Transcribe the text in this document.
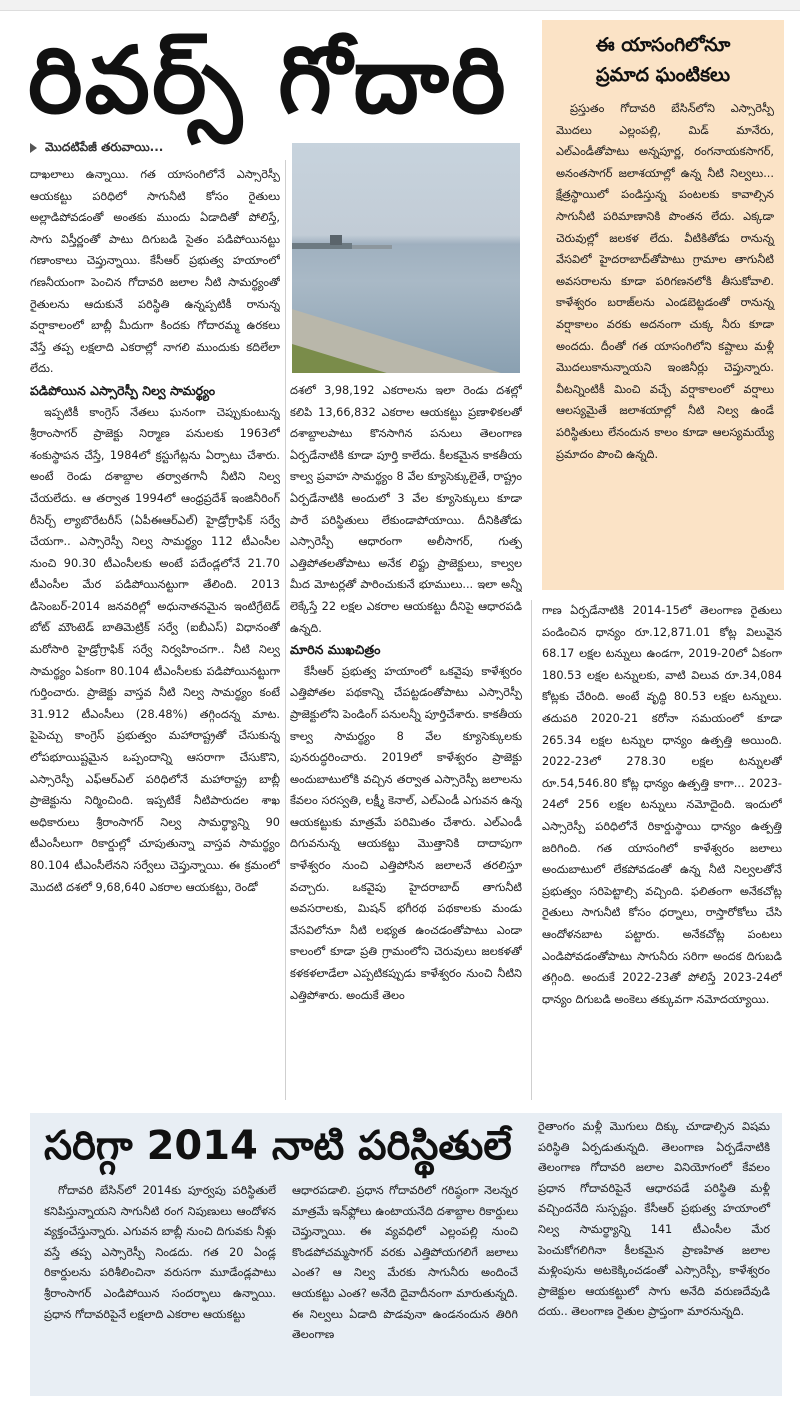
రివర్స్ గోదారి
మొదటిపేజీ తరువాయి...

దాఖలాలు ఉన్నాయి. గత యాసంగిలోనే ఎస్సారెస్పీ ఆయకట్టు పరిధిలో సాగునీటి కోసం రైతులు అల్లాడిపోవడంతో అంతకు ముందు ఏడాదితో పోలిస్తే, సాగు విస్తీర్ణంతో పాటు దిగుబడి సైతం పడిపోయినట్టు గణాంకాలు చెప్తున్నాయి. కేసీఆర్ ప్రభుత్వ హయాంలో గణనీయంగా పెంచిన గోదావరి జలాల నీటి సామర్థ్యంతో రైతులను ఆదుకునే పరిస్థితి ఉన్నప్పటికీ రానున్న వర్షాకాలంలో బాబ్లీ మీదుగా కిందకు గోదారమ్మ ఉరకలు వేస్తే తప్ప లక్షలాది ఎకరాల్లో నాగలి ముందుకు కదిలేలా లేదు.

పడిపోయిన ఎస్సారెస్పీ నిల్వ సామర్థ్యం

ఇప్పటికీ కాంగ్రెస్ నేతలు ఘనంగా చెప్పుకుంటున్న శ్రీరాంసాగర్ ప్రాజెక్టు నిర్మాణ పనులకు 1963లో శంకుస్థాపన చేస్తే, 1984లో క్రస్టుగేట్లను ఏర్పాటు చేశారు. అంటే రెండు దశాబ్దాల తర్వాతగానీ నీటిని నిల్వ చేయలేదు. ఆ తర్వాత 1994లో ఆంధ్రప్రదేశ్ ఇంజినీరింగ్ రీసెర్చ్ ల్యాబొరేటరీస్ (ఏపీఈఆర్ఎల్) హైడ్రోగ్రాఫిక్ సర్వే చేయగా.. ఎస్సారెస్పీ నిల్వ సామర్థ్యం 112 టీఎంసీల నుంచి 90.30 టీఎంసీలకు అంటే పదేండ్లలోనే 21.70 టీఎంసీల మేర పడిపోయినట్టుగా తేలింది. 2013 డిసెంబర్-2014 జనవరిల్లో అధునాతనమైన ఇంటిగ్రేటెడ్ బోట్ మౌంటెడ్ బాతిమెట్రిక్ సర్వే (ఐబీఎస్) విధానంతో మరోసారి హైడ్రోగ్రాఫిక్ సర్వే నిర్వహించగా.. నీటి నిల్వ సామర్థ్యం ఏకంగా 80.104 టీఎంసీలకు పడిపోయినట్టుగా గుర్తించారు. ప్రాజెక్టు వాస్తవ నీటి నిల్వ సామర్థ్యం కంటే 31.912 టీఎంసీలు (28.48%) తగ్గిందన్న మాట. పైపెచ్చు కాంగ్రెస్ ప్రభుత్వం మహారాష్ట్రతో చేసుకున్న లోపభూయిష్టమైన ఒప్పందాన్ని ఆసరాగా చేసుకొని, ఎస్సారెస్పీ ఎఫ్ఆర్ఎల్ పరిధిలోనే మహారాష్ట్ర బాబ్లీ ప్రాజెక్టును నిర్మించింది. ఇప్పటికే నీటిపారుదల శాఖ అధికారులు శ్రీరాంసాగర్ నిల్వ సామర్థ్యాన్ని 90 టీఎంసీలుగా రికార్డుల్లో చూపుతున్నా వాస్తవ సామర్థ్యం 80.104 టీఎంసీలేనని సర్వేలు చెప్తున్నాయి. ఈ క్రమంలో మొదటి దశలో 9,68,640 ఎకరాల ఆయకట్టు, రెండో

దశలో 3,98,192 ఎకరాలను ఇలా రెండు దశల్లో కలిపి 13,66,832 ఎకరాల ఆయకట్టు ప్రణాళికలతో దశాబ్దాలపాటు కొనసాగిన పనులు తెలంగాణ ఏర్పడేనాటికి కూడా పూర్తి కాలేదు. కీలకమైన కాకతీయ కాల్వ ప్రవాహ సామర్థ్యం 8 వేల క్యూసెక్కులైతే, రాష్ట్రం ఏర్పడేనాటికి అందులో 3 వేల క్యూసెక్కులు కూడా పారే పరిస్థితులు లేకుండాపోయాయి. దీనికితోడు ఎస్సారెస్పీ ఆధారంగా అలీసాగర్, గుత్ప ఎత్తిపోతలతోపాటు అనేక లిఫ్టు ప్రాజెక్టులు, కాల్వల మీద మోటర్లతో పారించుకునే భూములు... ఇలా అన్నీ లెక్కేస్తే 22 లక్షల ఎకరాల ఆయకట్టు దీనిపై ఆధారపడి ఉన్నది.

మారిన ముఖచిత్రం

కేసీఆర్ ప్రభుత్వ హయాంలో ఒకవైపు కాళేశ్వరం ఎత్తిపోతల పథకాన్ని చేపట్టడంతోపాటు ఎస్సారెస్పీ ప్రాజెక్టులోని పెండింగ్ పనులన్నీ పూర్తిచేశారు. కాకతీయ కాల్వ సామర్థ్యం 8 వేల క్యూసెక్కులకు పునరుద్ధరించారు. 2019లో కాళేశ్వరం ప్రాజెక్టు అందుబాటులోకి వచ్చిన తర్వాత ఎస్సారెస్పీ జలాలను కేవలం సరస్వతి, లక్ష్మీ కెనాల్, ఎల్ఎండీ ఎగువన ఉన్న ఆయకట్టుకు మాత్రమే పరిమితం చేశారు. ఎల్ఎండీ దిగువనున్న ఆయకట్టు మొత్తానికి దాదాపుగా కాళేశ్వరం నుంచి ఎత్తిపోసిన జలాలనే తరలిస్తూ వచ్చారు. ఒకవైపు హైదరాబాద్ తాగునీటి అవసరాలకు, మిషన్ భగీరథ పథకాలకు మండు వేసవిలోనూ నీటి లభ్యత ఉంచడంతోపాటు ఎండా కాలంలో కూడా ప్రతి గ్రామంలోని చెరువులు జలకళతో కళకళలాడేలా ఎప్పటికప్పుడు కాళేశ్వరం నుంచి నీటిని ఎత్తిపోశారు. అందుకే తెలం

ఈ యాసంగిలోనూ
ప్రమాద ఘంటికలు

ప్రస్తుతం గోదావరి బేసిన్‌లోని ఎస్సారెస్పీ మొదలు ఎల్లంపల్లి, మిడ్ మానేరు, ఎల్ఎండీతోపాటు అన్నపూర్ణ, రంగనాయకసాగర్, అనంతసాగర్ జలాశయాల్లో ఉన్న నీటి నిల్వలు... క్షేత్రస్థాయిలో పండిస్తున్న పంటలకు కావాల్సిన సాగునీటి పరిమాణానికి పొంతన లేదు. ఎక్కడా చెరువుల్లో జలకళ లేదు. వీటికితోడు రానున్న వేసవిలో హైదరాబాద్‌తోపాటు గ్రామాల తాగునీటి అవసరాలను కూడా పరిగణనలోకి తీసుకోవాలి. కాళేశ్వరం బరాజ్‌లను ఎండబెట్టడంతో రానున్న వర్షాకాలం వరకు అదనంగా చుక్క నీరు కూడా అందదు. దీంతో గత యాసంగిలోని కష్టాలు మళ్లీ మొదలుకానున్నాయని ఇంజినీర్లు చెప్తున్నారు. వీటన్నింటికీ మించి వచ్చే వర్షాకాలంలో వర్షాలు ఆలస్యమైతే జలాశయాల్లో నీటి నిల్వ ఉండే పరిస్థితులు లేనందున కాలం కూడా ఆలస్యమయ్యే ప్రమాదం పొంచి ఉన్నది.

గాణ ఏర్పడేనాటికి 2014-15లో తెలంగాణ రైతులు పండించిన ధాన్యం రూ.12,871.01 కోట్ల విలువైన 68.17 లక్షల టన్నులు ఉండగా, 2019-20లో ఏకంగా 180.53 లక్షల టన్నులకు, వాటి విలువ రూ.34,084 కోట్లకు చేరింది. అంటే వృద్ధి 80.53 లక్షల టన్నులు. తదుపరి 2020-21 కరోనా సమయంలో కూడా 265.34 లక్షల టన్నుల ధాన్యం ఉత్పత్తి అయింది. 2022-23లో 278.30 లక్షల టన్నులతో రూ.54,546.80 కోట్ల ధాన్యం ఉత్పత్తి కాగా... 2023-24లో 256 లక్షల టన్నులు నమోదైంది. ఇందులో ఎస్సారెస్పీ పరిధిలోనే రికార్డుస్థాయి ధాన్యం ఉత్పత్తి జరిగింది. గత యాసంగిలో కాళేశ్వరం జలాలు అందుబాటులో లేకపోవడంతో ఉన్న నీటి నిల్వలతోనే ప్రభుత్వం సరిపెట్టాల్సి వచ్చింది. ఫలితంగా అనేకచోట్ల రైతులు సాగునీటి కోసం ధర్నాలు, రాస్తారోకోలు చేసి ఆందోళనబాట పట్టారు. అనేకచోట్ల పంటలు ఎండిపోవడంతోపాటు సాగునీరు సరిగా అందక దిగుబడి తగ్గింది. అందుకే 2022-23తో పోలిస్తే 2023-24లో ధాన్యం దిగుబడి అంకెలు తక్కువగా నమోదయ్యాయి.

సరిగ్గా 2014 నాటి పరిస్థితులే

గోదావరి బేసిన్‌లో 2014కు పూర్వపు పరిస్థితులే కనిపిస్తున్నాయని సాగునీటి రంగ నిపుణులు ఆందోళన వ్యక్తంచేస్తున్నారు. ఎగువన బాబ్లీ నుంచి దిగువకు నీళ్లు వస్తే తప్ప ఎస్సారెస్పీ నిండదు. గత 20 ఏండ్ల రికార్డులను పరిశీలించినా వరుసగా మూడేండ్లపాటు శ్రీరాంసాగర్ ఎండిపోయిన సందర్భాలు ఉన్నాయి. ప్రధాన గోదావరిపైనే లక్షలాది ఎకరాల ఆయకట్టు

ఆధారపడాలి. ప్రధాన గోదావరిలో గరిష్ఠంగా నెలన్నర మాత్రమే ఇన్‌ఫ్లోలు ఉంటాయనేది దశాబ్దాల రికార్డులు చెప్తున్నాయి. ఈ వ్యవధిలో ఎల్లంపల్లి నుంచి కొండపోచమ్మసాగర్ వరకు ఎత్తిపోయగలిగే జలాలు ఎంత? ఆ నిల్వ మేరకు సాగునీరు అందించే ఆయకట్టు ఎంత? అనేది దైవాదీనంగా మారుతున్నది. ఈ నిల్వలు ఏడాది పొడవునా ఉండనందున తిరిగి తెలంగాణ

రైతాంగం మళ్లీ మొగులు దిక్కు చూడాల్సిన విషమ పరిస్థితి ఏర్పడుతున్నది. తెలంగాణ ఏర్పడేనాటికి తెలంగాణ గోదావరి జలాల వినియోగంలో కేవలం ప్రధాన గోదావరిపైనే ఆధారపడే పరిస్థితి మళ్లీ వచ్చిందనేది సుస్పష్టం. కేసీఆర్ ప్రభుత్వ హయాంలో నిల్వ సామర్థ్యాన్ని 141 టీఎంసీల మేర పెంచుకోగలిగినా కీలకమైన ప్రాణహిత జలాల మళ్లింపును అటకెక్కించడంతో ఎస్సారెస్పీ, కాళేశ్వరం ప్రాజెక్టుల ఆయకట్టులో సాగు అనేది వరుణదేవుడి దయ.. తెలంగాణ రైతుల ప్రాప్తంగా మారనున్నది.
